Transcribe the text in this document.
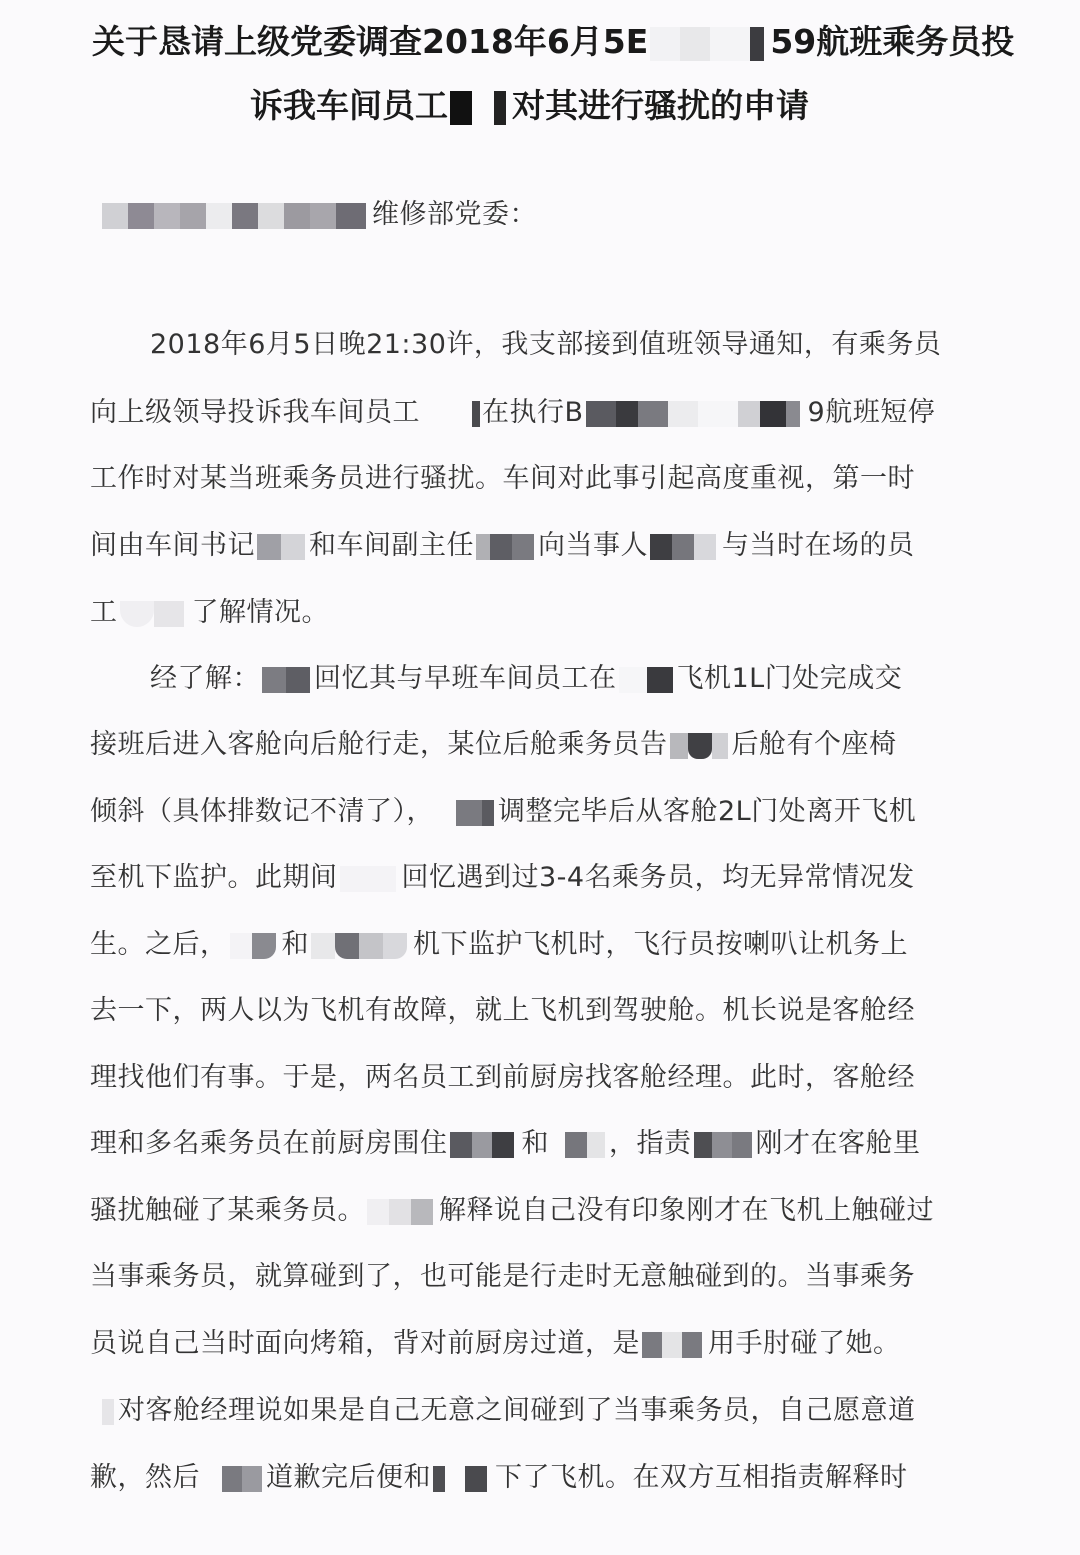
关于恳请上级党委调查2018年6月5E	59航班乘务员投
诉我车间员工 对其进行骚扰的申请
维修部党委：
2018年6月5日晚21:30许，我支部接到值班领导通知，有乘务员
向上级领导投诉我车间员工 在执行B	9航班短停
工作时对某当班乘务员进行骚扰。车间对此事引起高度重视，第一时
间由车间书记 和车间副主任 向当事人	与当时在场的员
工	了解情况。
经了解： 回忆其与早班车间员工在 飞机1L门处完成交
接班后进入客舱向后舱行走，某位后舱乘务员告 后舱有个座椅
倾斜（具体排数记不清了）， 调整完毕后从客舱2L门处离开飞机
至机下监护。此期间 回忆遇到过3-4名乘务员，均无异常情况发
生。之后， 和	机下监护飞机时，飞行员按喇叭让机务上
去一下，两人以为飞机有故障，就上飞机到驾驶舱。机长说是客舱经
理找他们有事。于是，两名员工到前厨房找客舱经理。此时，客舱经
理和多名乘务员在前厨房围住	和 ，指责 刚才在客舱里
骚扰触碰了某乘务员。	解释说自己没有印象刚才在飞机上触碰过
当事乘务员，就算碰到了，也可能是行走时无意触碰到的。当事乘务
员说自己当时面向烤箱，背对前厨房过道，是	用手肘碰了她。
对客舱经理说如果是自己无意之间碰到了当事乘务员，自己愿意道
歉，然后 道歉完后便和 下了飞机。在双方互相指责解释时
